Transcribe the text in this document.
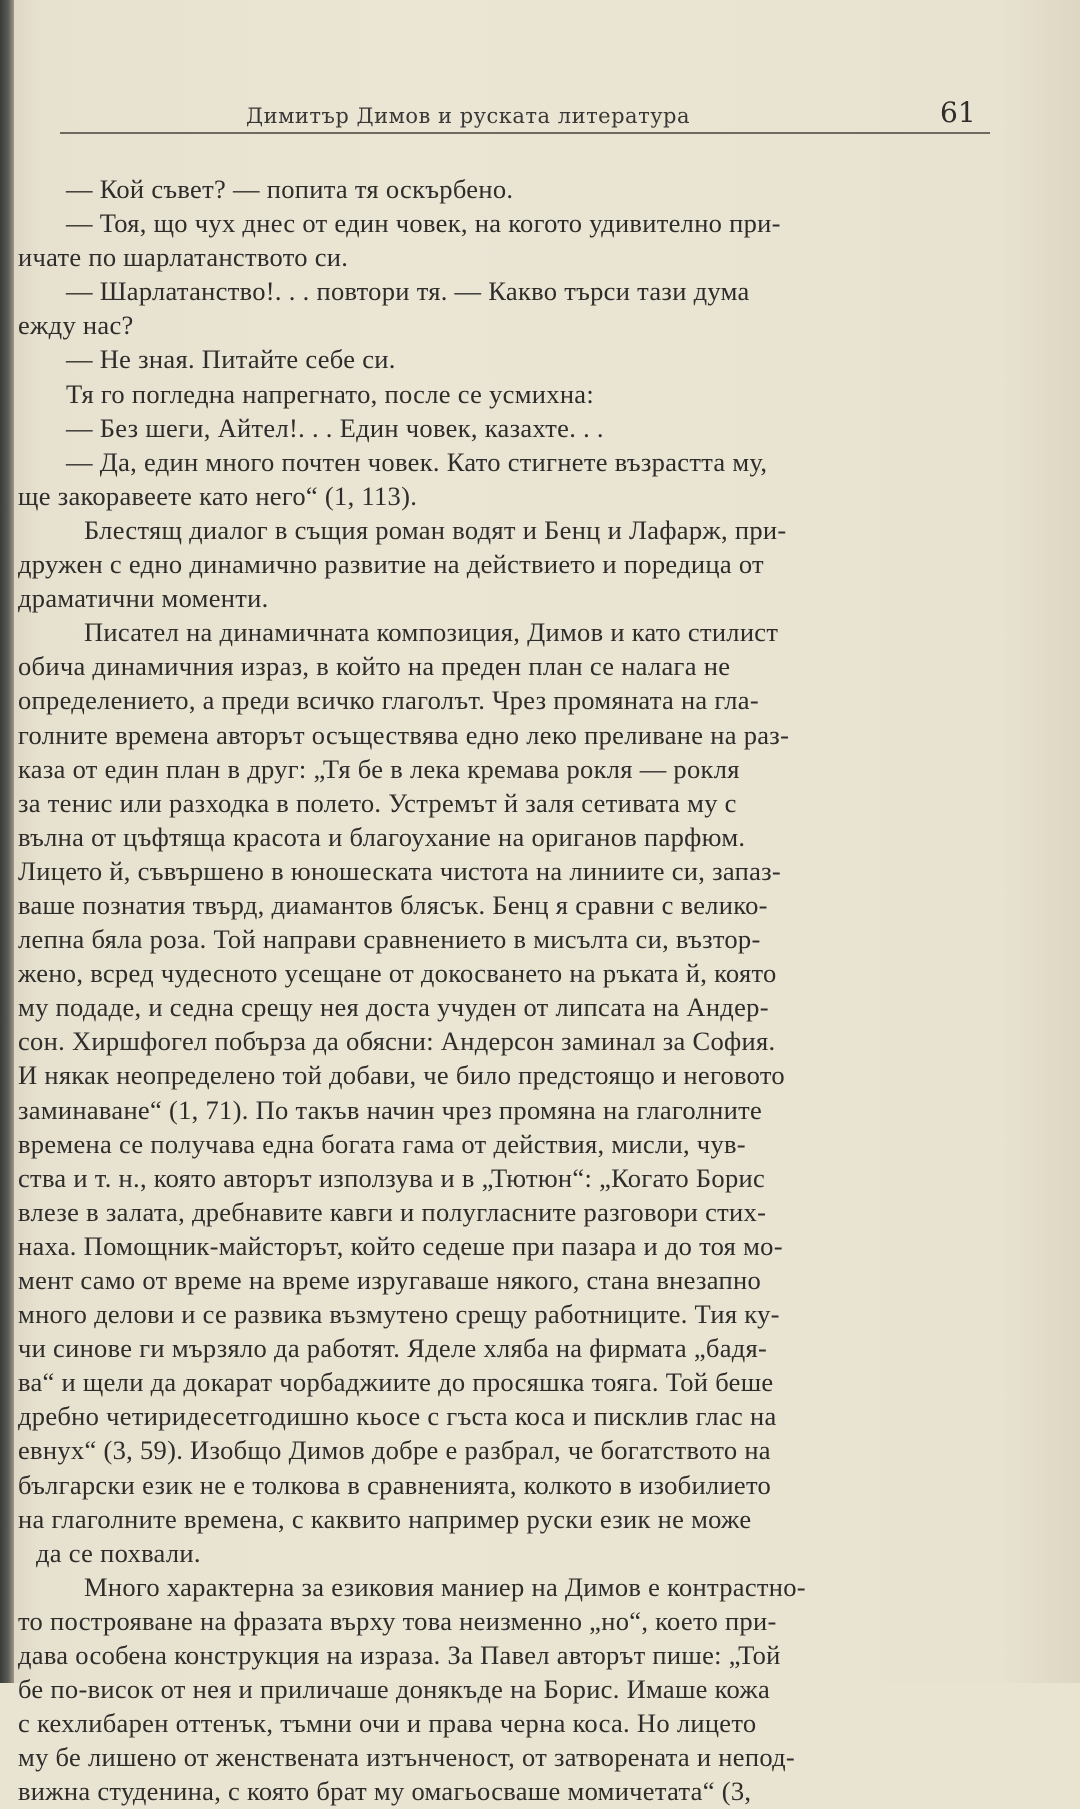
Димитър Димов и руската литература	61
— Кой съвет? — попита тя оскърбено.
— Тоя, що чух днес от един човек, на когото удивително при-
ичате по шарлатанството си.
— Шарлатанство!. . . повтори тя. — Какво търси тази дума
ежду нас?
— Не зная. Питайте себе си.
Тя го погледна напрегнато, после се усмихна:
— Без шеги, Айтел!. . . Един човек, казахте. . .
— Да, един много почтен човек. Като стигнете възрастта му,
ще закоравеете като него“ (1, 113).
Блестящ диалог в същия роман водят и Бенц и Лафарж, при-
дружен с едно динамично развитие на действието и поредица от
драматични моменти.
Писател на динамичната композиция, Димов и като стилист
обича динамичния израз, в който на преден план се налага не
определението, а преди всичко глаголът. Чрез промяната на гла-
голните времена авторът осъществява едно леко преливане на раз-
каза от един план в друг: „Тя бе в лека кремава рокля — рокля
за тенис или разходка в полето. Устремът й заля сетивата му с
вълна от цъфтяща красота и благоухание на ориганов парфюм.
Лицето й, съвършено в юношеската чистота на линиите си, запаз-
ваше познатия твърд, диамантов блясък. Бенц я сравни с велико-
лепна бяла роза. Той направи сравнението в мисълта си, възтор-
жено, всред чудесното усещане от докосването на ръката й, която
му подаде, и седна срещу нея доста учуден от липсата на Андер-
сон. Хиршфогел побърза да обясни: Андерсон заминал за София.
И някак неопределено той добави, че било предстоящо и неговото
заминаване“ (1, 71). По такъв начин чрез промяна на глаголните
времена се получава една богата гама от действия, мисли, чув-
ства и т. н., която авторът използува и в „Тютюн“: „Когато Борис
влезе в залата, дребнавите кавги и полугласните разговори стих-
наха. Помощник-майсторът, който седеше при пазара и до тоя мо-
мент само от време на време изругаваше някого, стана внезапно
много делови и се развика възмутено срещу работниците. Тия ку-
чи синове ги мързяло да работят. Яделе хляба на фирмата „бадя-
ва“ и щели да докарат чорбаджиите до просяшка тояга. Той беше
дребно четиридесетгодишно кьосе с гъста коса и писклив глас на
евнух“ (3, 59). Изобщо Димов добре е разбрал, че богатството на
български език не е толкова в сравненията, колкото в изобилието
на глаголните времена, с каквито например руски език не може
да се похвали.
Много характерна за езиковия маниер на Димов е контрастно-
то построяване на фразата върху това неизменно „но“, което при-
дава особена конструкция на израза. За Павел авторът пише: „Той
бе по-висок от нея и приличаше донякъде на Борис. Имаше кожа
с кехлибарен оттенък, тъмни очи и права черна коса. Но лицето
му бе лишено от женствената изтънченост, от затворената и непод-
вижна студенина, с която брат му омагьосваше момичетата“ (3,
